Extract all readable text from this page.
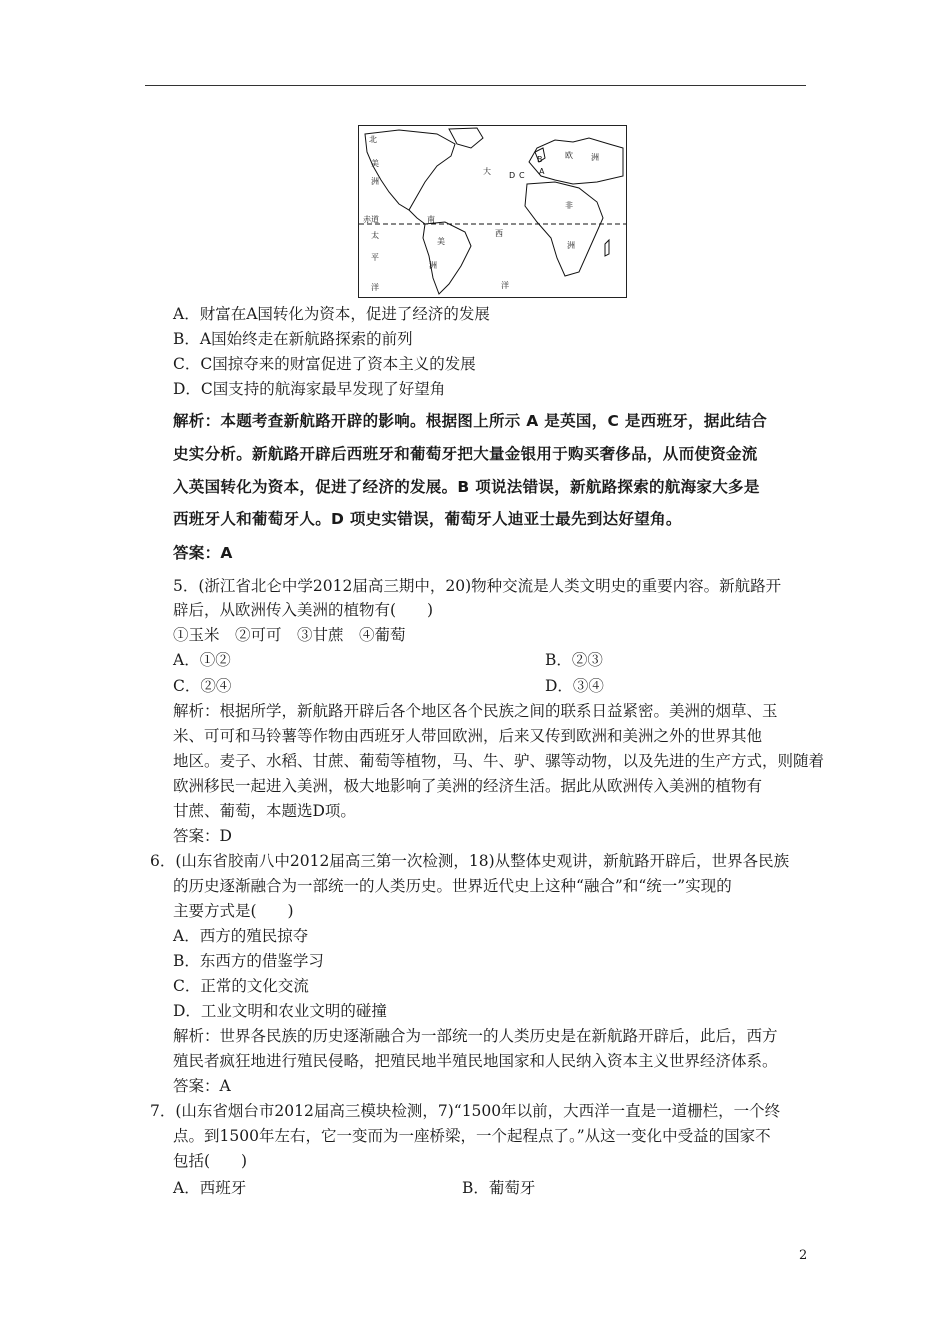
北
美
洲
大 D
B	欧 洲
A
C
非
洲
赤道
太
平
洋
南
美
洲
西
洋
A．财富在A国转化为资本，促进了经济的发展
B．A国始终走在新航路探索的前列
C．C国掠夺来的财富促进了资本主义的发展
D．C国支持的航海家最早发现了好望角
解析：本题考查新航路开辟的影响。根据图上所示 A 是英国，C 是西班牙，据此结合
史实分析。新航路开辟后西班牙和葡萄牙把大量金银用于购买奢侈品，从而使资金流
入英国转化为资本，促进了经济的发展。B 项说法错误，新航路探索的航海家大多是
西班牙人和葡萄牙人。D 项史实错误，葡萄牙人迪亚士最先到达好望角。
答案：A
5．(浙江省北仑中学2012届高三期中，20)物种交流是人类文明史的重要内容。新航路开
辟后，从欧洲传入美洲的植物有(　　)
①玉米　②可可　③甘蔗　④葡萄
A．①②	B．②③
C．②④	D．③④
解析：根据所学，新航路开辟后各个地区各个民族之间的联系日益紧密。美洲的烟草、玉
米、可可和马铃薯等作物由西班牙人带回欧洲，后来又传到欧洲和美洲之外的世界其他
地区。麦子、水稻、甘蔗、葡萄等植物，马、牛、驴、骡等动物，以及先进的生产方式，则随着
欧洲移民一起进入美洲，极大地影响了美洲的经济生活。据此从欧洲传入美洲的植物有
甘蔗、葡萄，本题选D项。
答案：D
6．(山东省胶南八中2012届高三第一次检测，18)从整体史观讲，新航路开辟后，世界各民族
的历史逐渐融合为一部统一的人类历史。世界近代史上这种“融合”和“统一”实现的
主要方式是(　　)
A．西方的殖民掠夺
B．东西方的借鉴学习
C．正常的文化交流
D．工业文明和农业文明的碰撞
解析：世界各民族的历史逐渐融合为一部统一的人类历史是在新航路开辟后，此后，西方
殖民者疯狂地进行殖民侵略，把殖民地半殖民地国家和人民纳入资本主义世界经济体系。
答案：A
7．(山东省烟台市2012届高三模块检测，7)“1500年以前，大西洋一直是一道栅栏，一个终
点。到1500年左右，它一变而为一座桥梁，一个起程点了。”从这一变化中受益的国家不
包括(　　)
A．西班牙	B．葡萄牙
2
